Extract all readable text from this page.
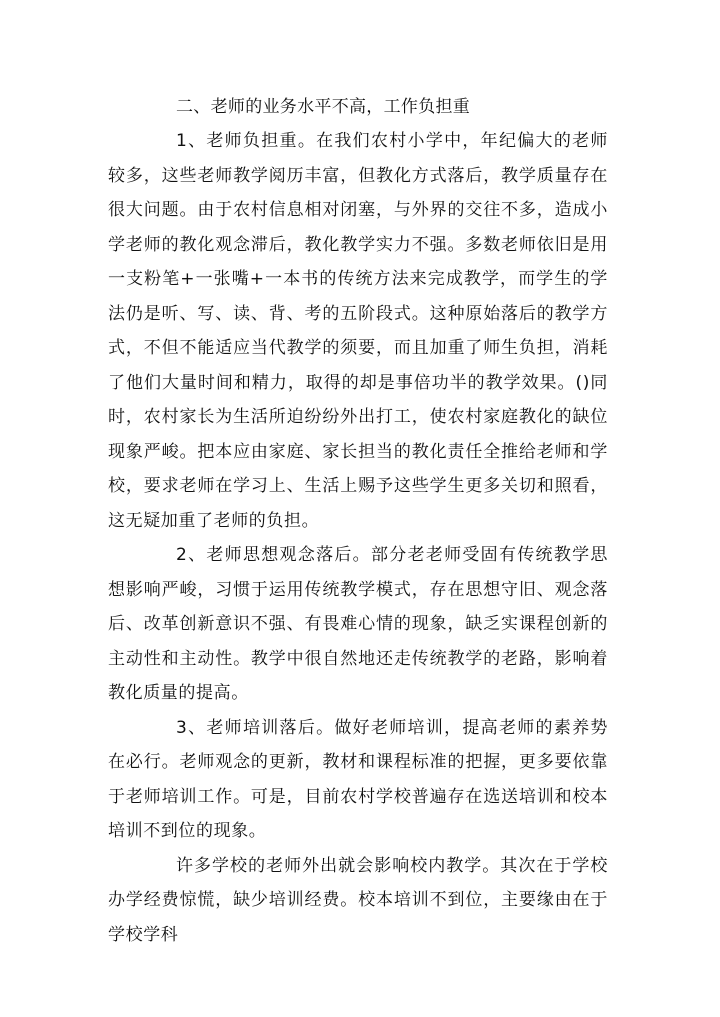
二、老师的业务水平不高，工作负担重

1、老师负担重。在我们农村小学中，年纪偏大的老师较多，这些老师教学阅历丰富，但教化方式落后，教学质量存在很大问题。由于农村信息相对闭塞，与外界的交往不多，造成小学老师的教化观念滞后，教化教学实力不强。多数老师依旧是用一支粉笔+一张嘴+一本书的传统方法来完成教学，而学生的学法仍是听、写、读、背、考的五阶段式。这种原始落后的教学方式，不但不能适应当代教学的须要，而且加重了师生负担，消耗了他们大量时间和精力，取得的却是事倍功半的教学效果。()同时，农村家长为生活所迫纷纷外出打工，使农村家庭教化的缺位现象严峻。把本应由家庭、家长担当的教化责任全推给老师和学校，要求老师在学习上、生活上赐予这些学生更多关切和照看，这无疑加重了老师的负担。

2、老师思想观念落后。部分老老师受固有传统教学思想影响严峻，习惯于运用传统教学模式，存在思想守旧、观念落后、改革创新意识不强、有畏难心情的现象，缺乏实课程创新的主动性和主动性。教学中很自然地还走传统教学的老路，影响着教化质量的提高。

3、老师培训落后。做好老师培训，提高老师的素养势在必行。老师观念的更新，教材和课程标准的把握，更多要依靠于老师培训工作。可是，目前农村学校普遍存在选送培训和校本培训不到位的现象。

许多学校的老师外出就会影响校内教学。其次在于学校办学经费惊慌，缺少培训经费。校本培训不到位，主要缘由在于学校学科
